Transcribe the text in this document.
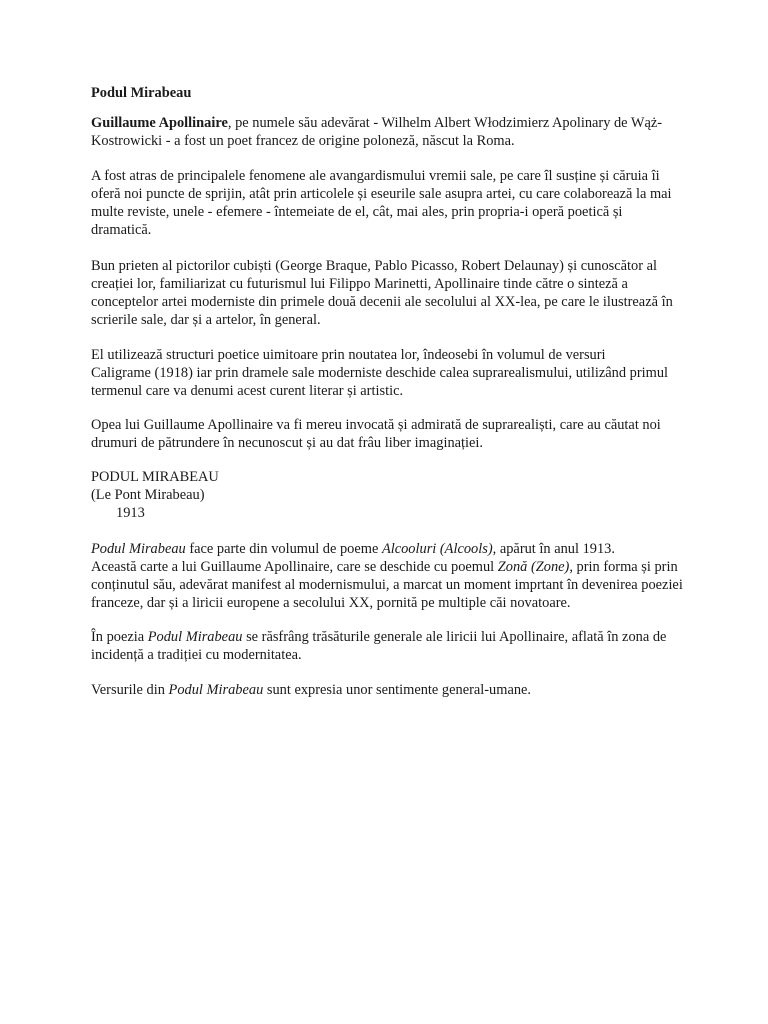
Podul Mirabeau
Guillaume Apollinaire, pe numele său adevărat - Wilhelm Albert Włodzimierz Apolinary de Wąż-
Kostrowicki - a fost un poet francez de origine poloneză, născut la Roma.
A fost atras de principalele fenomene ale avangardismului vremii sale, pe care îl susține și căruia îi
oferă noi puncte de sprijin, atât prin articolele și eseurile sale asupra artei, cu care colaborează la mai
multe reviste, unele - efemere - întemeiate de el, cât, mai ales, prin propria-i operă poetică și
dramatică.
Bun prieten al pictorilor cubiști (George Braque, Pablo Picasso, Robert Delaunay) și cunoscător al
creației lor, familiarizat cu futurismul lui Filippo Marinetti, Apollinaire tinde către o sinteză a
conceptelor artei moderniste din primele două decenii ale secolului al XX-lea, pe care le ilustrează în
scrierile sale, dar și a artelor, în general.
El utilizează structuri poetice uimitoare prin noutatea lor, îndeosebi în volumul de versuri
Caligrame (1918) iar prin dramele sale moderniste deschide calea suprarealismului, utilizând primul
termenul care va denumi acest curent literar și artistic.
Opea lui Guillaume Apollinaire va fi mereu invocată și admirată de suprarealiști, care au căutat noi
drumuri de pătrundere în necunoscut și au dat frâu liber imaginației.
PODUL MIRABEAU
(Le Pont Mirabeau)
1913
Podul Mirabeau face parte din volumul de poeme Alcooluri (Alcools), apărut în anul 1913.
Această carte a lui Guillaume Apollinaire, care se deschide cu poemul Zonă (Zone), prin forma și prin
conținutul său, adevărat manifest al modernismului, a marcat un moment imprtant în devenirea poeziei
franceze, dar și a liricii europene a secolului XX, pornită pe multiple căi novatoare.
În poezia Podul Mirabeau se răsfrâng trăsăturile generale ale liricii lui Apollinaire, aflată în zona de
incidență a tradiției cu modernitatea.
Versurile din Podul Mirabeau sunt expresia unor sentimente general-umane.
